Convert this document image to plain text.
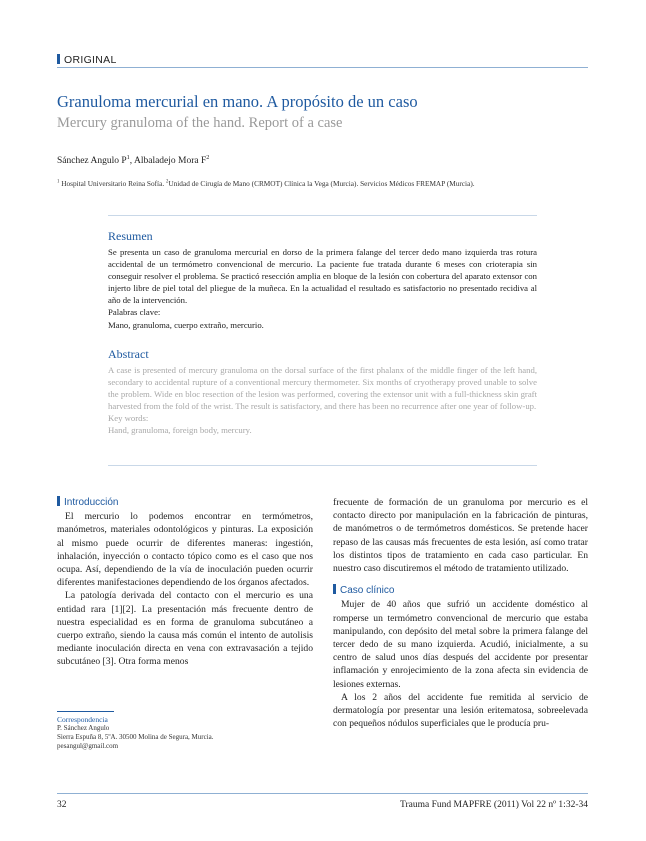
ORIGINAL
Granuloma mercurial en mano. A propósito de un caso
Mercury granuloma of the hand. Report of a case
Sánchez Angulo $P^1$, Albaladejo Mora $F^2$
$^1$ Hospital Universitario Reina Sofía. $^2$Unidad de Cirugía de Mano (CRMOT) Clínica la Vega (Murcia). Servicios Médicos FREMAP (Murcia).
Resumen

Se presenta un caso de granuloma mercurial en dorso de la primera falange del tercer dedo mano izquierda tras rotura accidental de un termómetro convencional de mercurio. La paciente fue tratada durante 6 meses con crioterapia sin conseguir resolver el problema. Se practicó resección amplia en bloque de la lesión con cobertura del aparato extensor con injerto libre de piel total del pliegue de la muñeca. En la actualidad el resultado es satisfactorio no presentado recidiva al año de la intervención.

Palabras clave:

Mano, granuloma, cuerpo extraño, mercurio.

Abstract

A case is presented of mercury granuloma on the dorsal surface of the first phalanx of the middle finger of the left hand, secondary to accidental rupture of a conventional mercury thermometer. Six months of cryotherapy proved unable to solve the problem. Wide en bloc resection of the lesion was performed, covering the extensor unit with a full-thickness skin graft harvested from the fold of the wrist. The result is satisfactory, and there has been no recurrence after one year of follow-up.

Key words:

Hand, granuloma, foreign body, mercury.

Introducción

El mercurio lo podemos encontrar en termómetros, manómetros, materiales odontológicos y pinturas. La exposición al mismo puede ocurrir de diferentes maneras: ingestión, inhalación, inyección o contacto tópico como es el caso que nos ocupa. Así, dependiendo de la vía de inoculación pueden ocurrir diferentes manifestaciones dependiendo de los órganos afectados.

La patología derivada del contacto con el mercurio es una entidad rara [1][2]. La presentación más frecuente dentro de nuestra especialidad es en forma de granuloma subcutáneo a cuerpo extraño, siendo la causa más común el intento de autolisis mediante inoculación directa en vena con extravasación a tejido subcutáneo [3]. Otra forma menos

frecuente de formación de un granuloma por mercurio es el contacto directo por manipulación en la fabricación de pinturas, de manómetros o de termómetros domésticos. Se pretende hacer repaso de las causas más frecuentes de esta lesión, así como tratar los distintos tipos de tratamiento en cada caso particular. En nuestro caso discutiremos el método de tratamiento utilizado.

Caso clínico

Mujer de 40 años que sufrió un accidente doméstico al romperse un termómetro convencional de mercurio que estaba manipulando, con depósito del metal sobre la primera falange del tercer dedo de su mano izquierda. Acudió, inicialmente, a su centro de salud unos días después del accidente por presentar inflamación y enrojecimiento de la zona afecta sin evidencia de lesiones externas.

A los 2 años del accidente fue remitida al servicio de dermatología por presentar una lesión eritematosa, sobreelevada con pequeños nódulos superficiales que le producía pru-

Correspondencia
P. Sánchez Angulo
Sierra Espuña 8, 5ºA. 30500 Molina de Segura, Murcia.
pesangul@gmail.com
32	Trauma Fund MAPFRE (2011) Vol 22 nº 1:32-34
